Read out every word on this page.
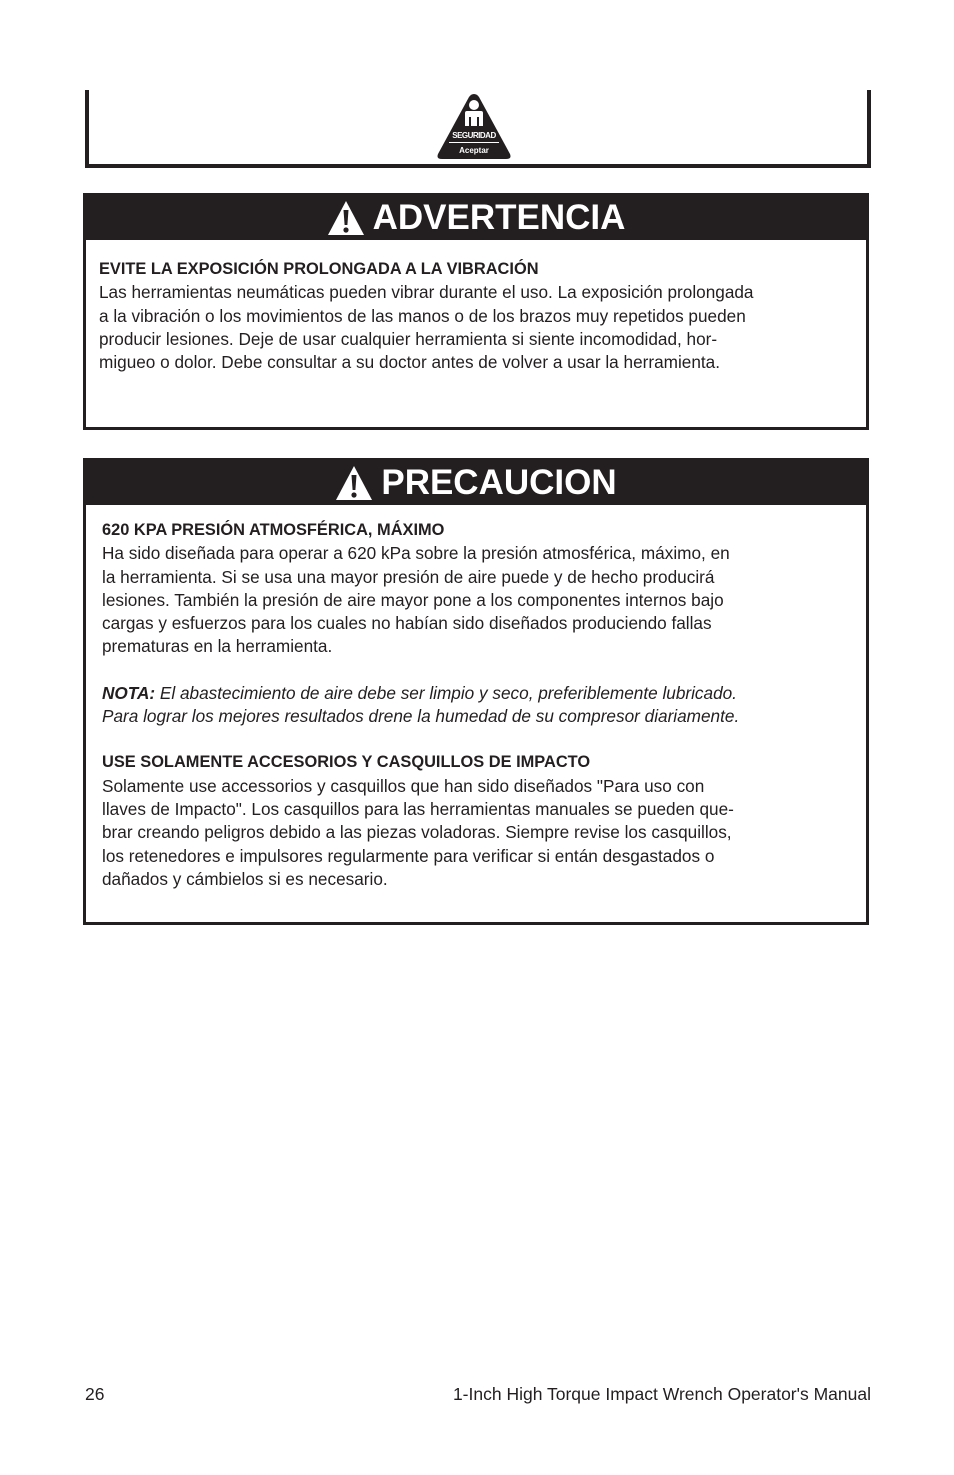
SEGURIDAD
Aceptar
ADVERTENCIA

EVITE LA EXPOSICIÓN PROLONGADA A LA VIBRACIÓN

Las herramientas neumáticas pueden vibrar durante el uso. La exposición prolongada

a la vibración o los movimientos de las manos o de los brazos muy repetidos pueden

producir lesiones. Deje de usar cualquier herramienta si siente incomodidad, hor-

migueo o dolor. Debe consultar a su doctor antes de volver a usar la herramienta.

PRECAUCION

620 KPA PRESIÓN ATMOSFÉRICA, MÁXIMO

Ha sido diseñada para operar a 620 kPa sobre la presión atmosférica, máximo, en

la herramienta. Si se usa una mayor presión de aire puede y de hecho producirá

lesiones. También la presión de aire mayor pone a los componentes internos bajo

cargas y esfuerzos para los cuales no habían sido diseñados produciendo fallas

prematuras en la herramienta.

NOTA: El abastecimiento de aire debe ser limpio y seco, preferiblemente lubricado.

Para lograr los mejores resultados drene la humedad de su compresor diariamente.

USE SOLAMENTE ACCESORIOS Y CASQUILLOS DE IMPACTO

Solamente use accessorios y casquillos que han sido diseñados "Para uso con

llaves de Impacto". Los casquillos para las herramientas manuales se pueden que-

brar creando peligros debido a las piezas voladoras. Siempre revise los casquillos,

los retenedores e impulsores regularmente para verificar si entán desgastados o

dañados y cámbielos si es necesario.

26	1-Inch High Torque Impact Wrench Operator's Manual
